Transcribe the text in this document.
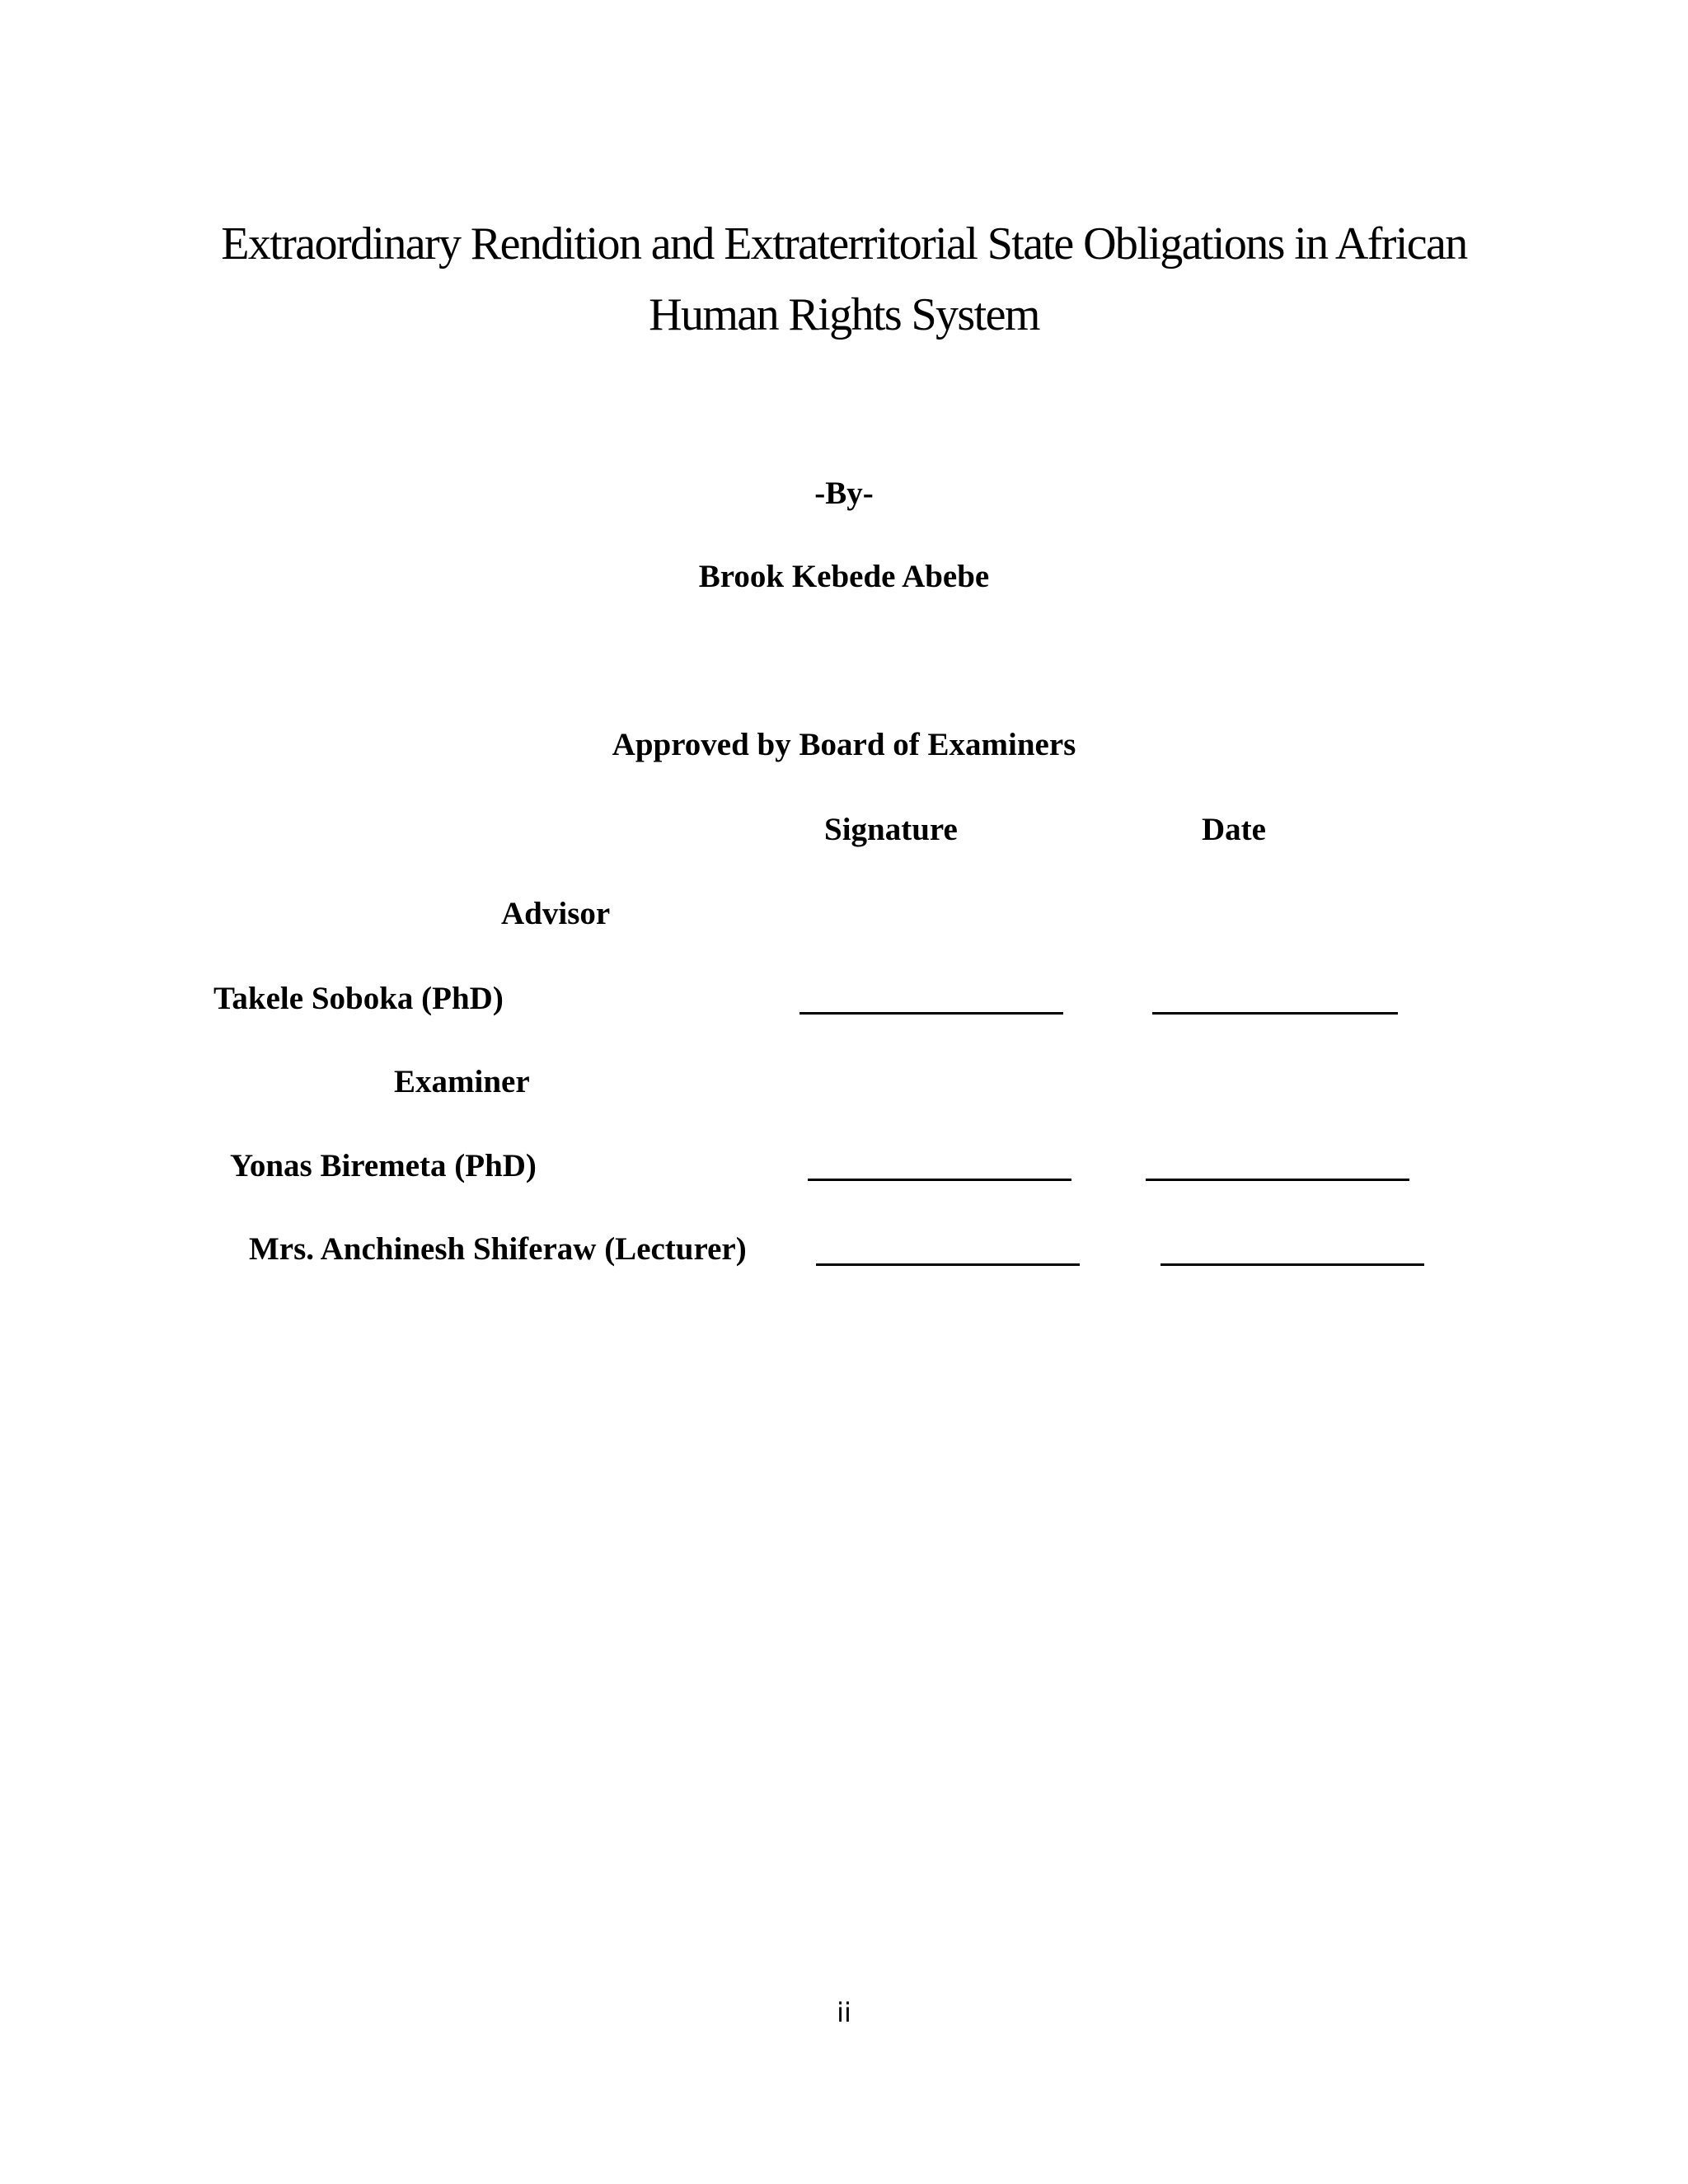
Extraordinary Rendition and Extraterritorial State Obligations in African
Human Rights System
-By-
Brook Kebede Abebe
Approved by Board of Examiners
Signature	Date
Advisor
Takele Soboka (PhD)
Examiner
Yonas Biremeta (PhD)
Mrs. Anchinesh Shiferaw (Lecturer)
ii
